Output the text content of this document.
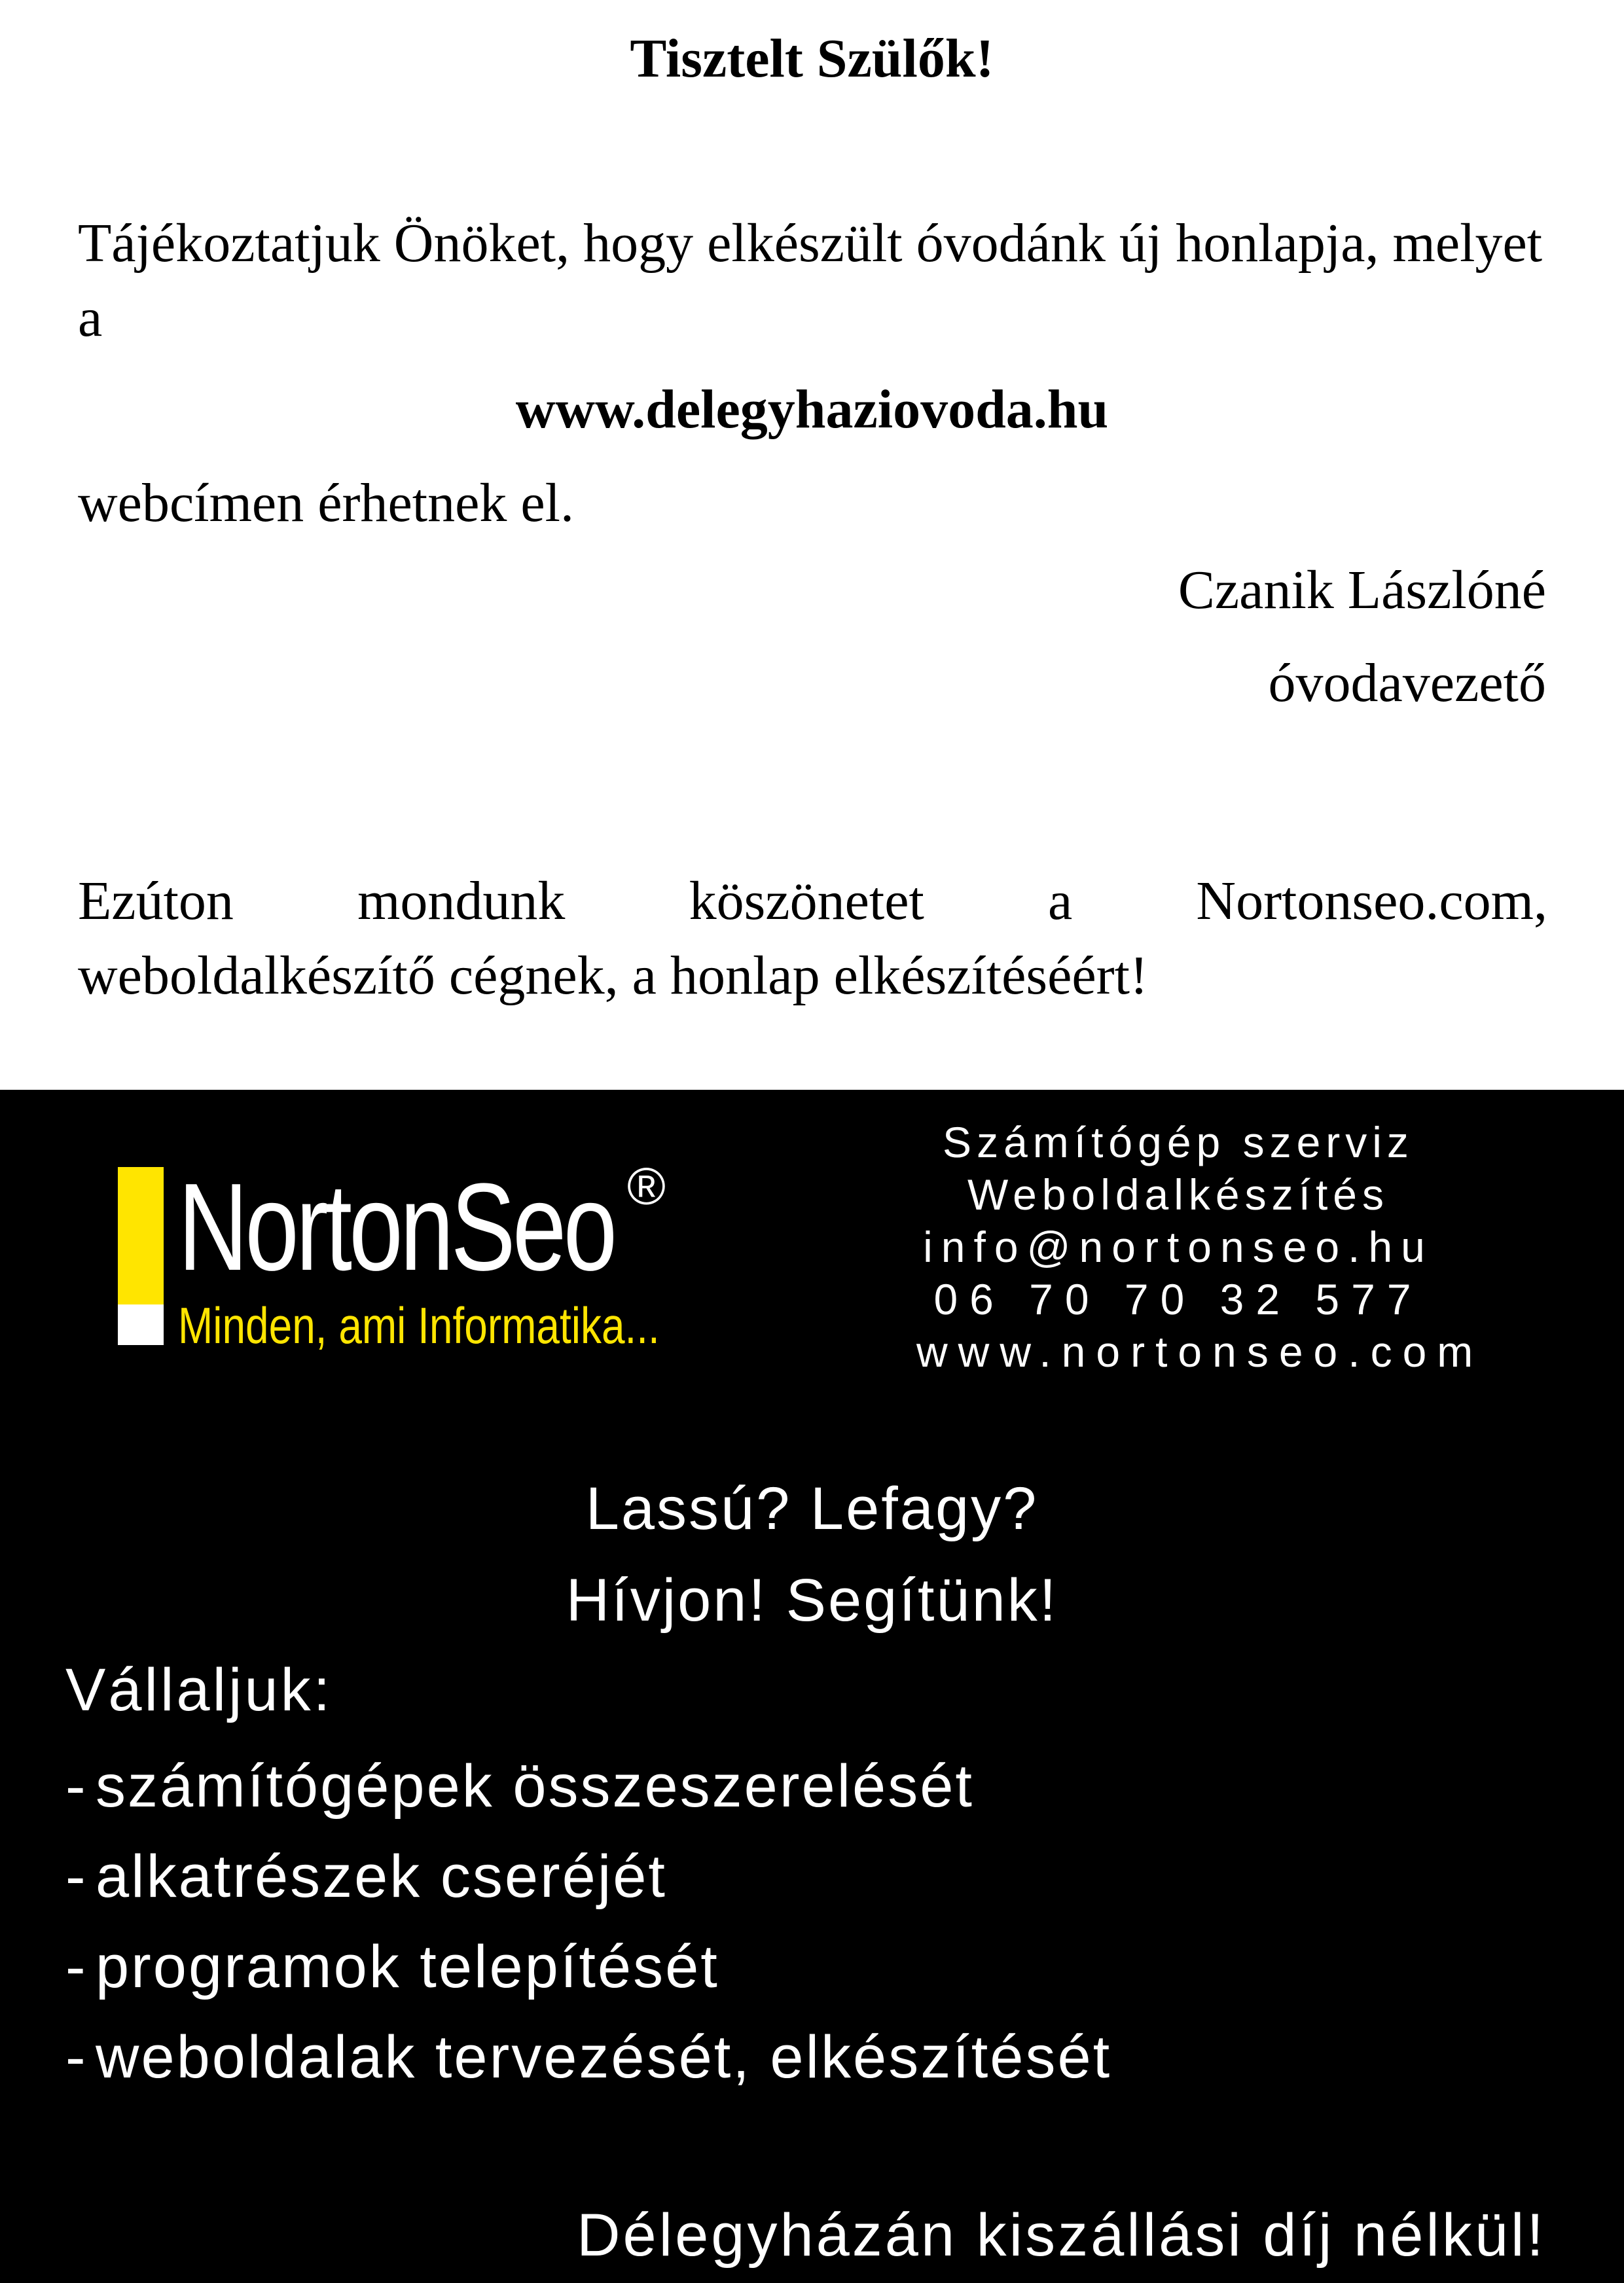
Tisztelt Szülők!
Tájékoztatjuk Önöket, hogy elkészült óvodánk új honlapja, melyet a
www.delegyhaziovoda.hu
webcímen érhetnek el.
Czanik Lászlóné
óvodavezető
Ezúton mondunk köszönetet a Nortonseo.com,
weboldalkészítő cégnek, a honlap elkészítéséért!
NortonSeo ®
Minden, ami Informatika...
Számítógép szerviz
Weboldalkészítés
info@nortonseo.hu
06 70 70 32 577
www.nortonseo.com
Lassú? Lefagy?
Hívjon! Segítünk!
Vállaljuk:
- számítógépek összeszerelését
- alkatrészek cseréjét
- programok telepítését
- weboldalak tervezését, elkészítését
Délegyházán kiszállási díj nélkül!
